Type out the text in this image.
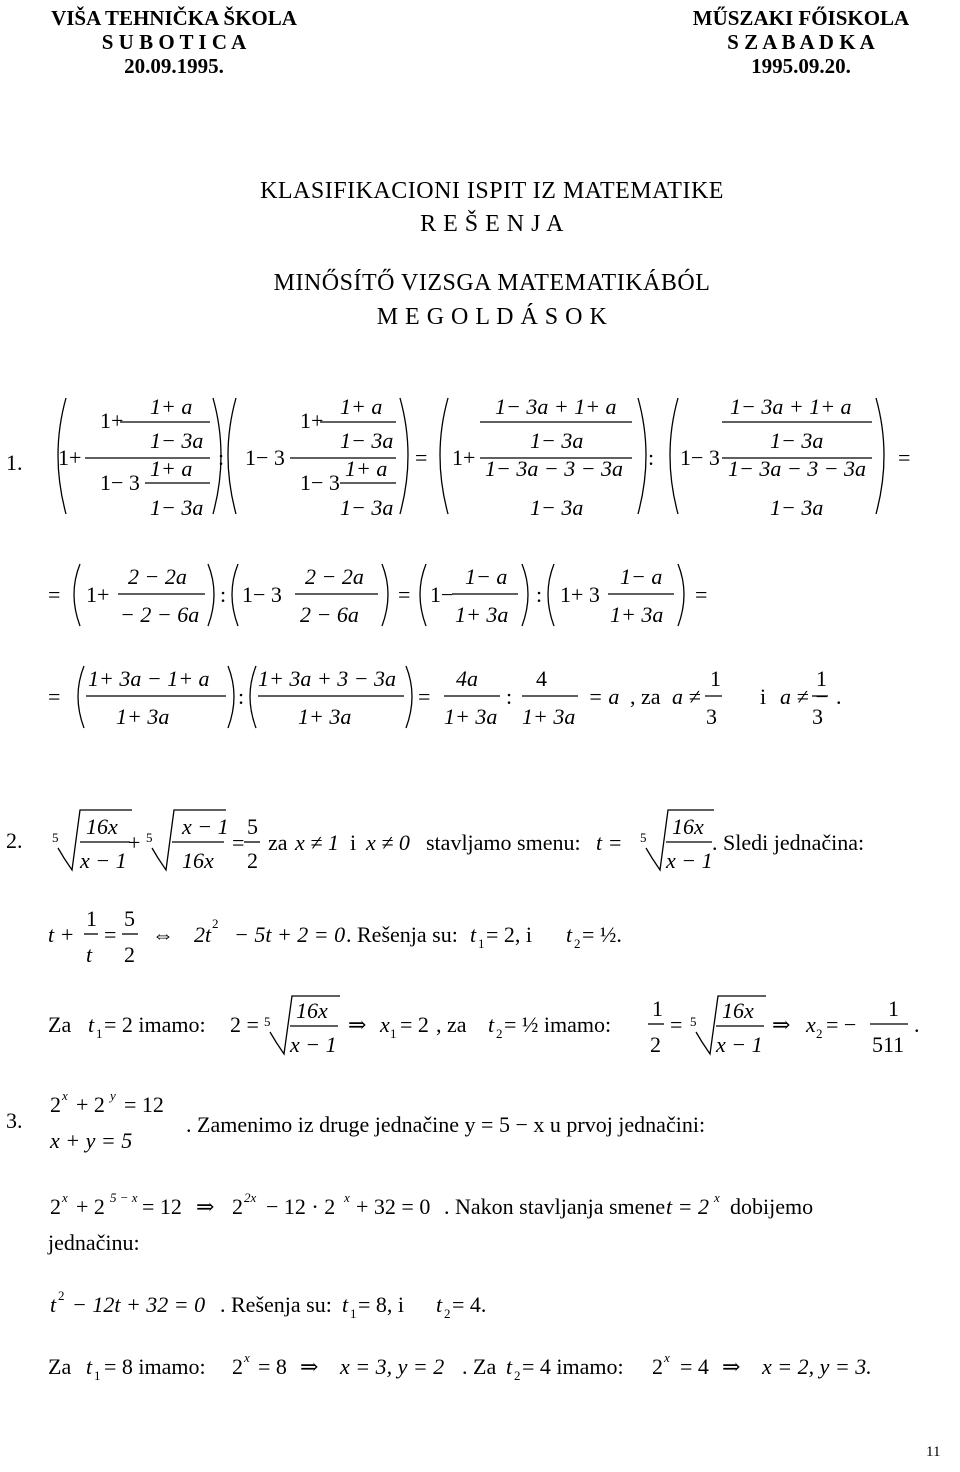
VIŠA TEHNIČKA ŠKOLA
S U B O T I C A
20.09.1995.
MŰSZAKI FŐISKOLA
S Z A B A D K A
1995.09.20.
KLASIFIKACIONI ISPIT IZ MATEMATIKE
R E Š E N J A
MINŐSÍTŐ VIZSGA MATEMATIKÁBÓL
M E G O L D Á S O K
1. 1+
1+
1+ a
1− 3a
1− 3
1+ a
1− 3a
: 1− 3
1+
1+ a
1− 3a
1− 3
1+ a
1− 3a
= 1+
1− 3a + 1+ a
1− 3a
1− 3a − 3 − 3a
1− 3a
: 1− 3
1− 3a + 1+ a
1− 3a
1− 3a − 3 − 3a
1− 3a
=
= 1+
2 − 2a
− 2 − 6a
: 1− 3
2 − 2a
2 − 6a
= 1−
1− a
1+ 3a
: 1+ 3
1− a
1+ 3a
=
=
1+ 3a − 1+ a
1+ 3a
:
1+ 3a + 3 − 3a
1+ 3a
=
4a
1+ 3a
:
4
1+ 3a
= a , za a ≠
1
3
i a ≠ −
1
3
.
2. 5 16x
x − 1
+ 5 x − 1
16x
=
5
2
za x ≠ 1 i x ≠ 0 stavljamo smenu: t = 5 16x
x − 1
. Sledi jednačina:
t +
1
t
=
5
2
⇔ 2t 2 − 5t + 2 = 0 . Rešenja su: t 1 = 2, i t 2 = ½.
Za t 1 = 2 imamo: 2 = 5 16x
x − 1
⇒ x 1 = 2 , za t 2 = ½ imamo:
1
2
= 5 16x
x − 1
⇒ x 2 = −
1
511
.
3.
2 x + 2 y = 12
x + y = 5
. Zamenimo iz druge jednačine y = 5 − x u prvoj jednačini:
2 x + 2 5 − x = 12 ⇒ 2 2x − 12 · 2 x + 32 = 0 . Nakon stavljanja smene t = 2 x dobijemo
jednačinu:
t 2 − 12t + 32 = 0 . Rešenja su: t 1 = 8, i t 2 = 4.
Za t 1 = 8 imamo: 2 x = 8 ⇒ x = 3, y = 2 . Za t 2 = 4 imamo: 2 x = 4 ⇒ x = 2, y = 3.
11
